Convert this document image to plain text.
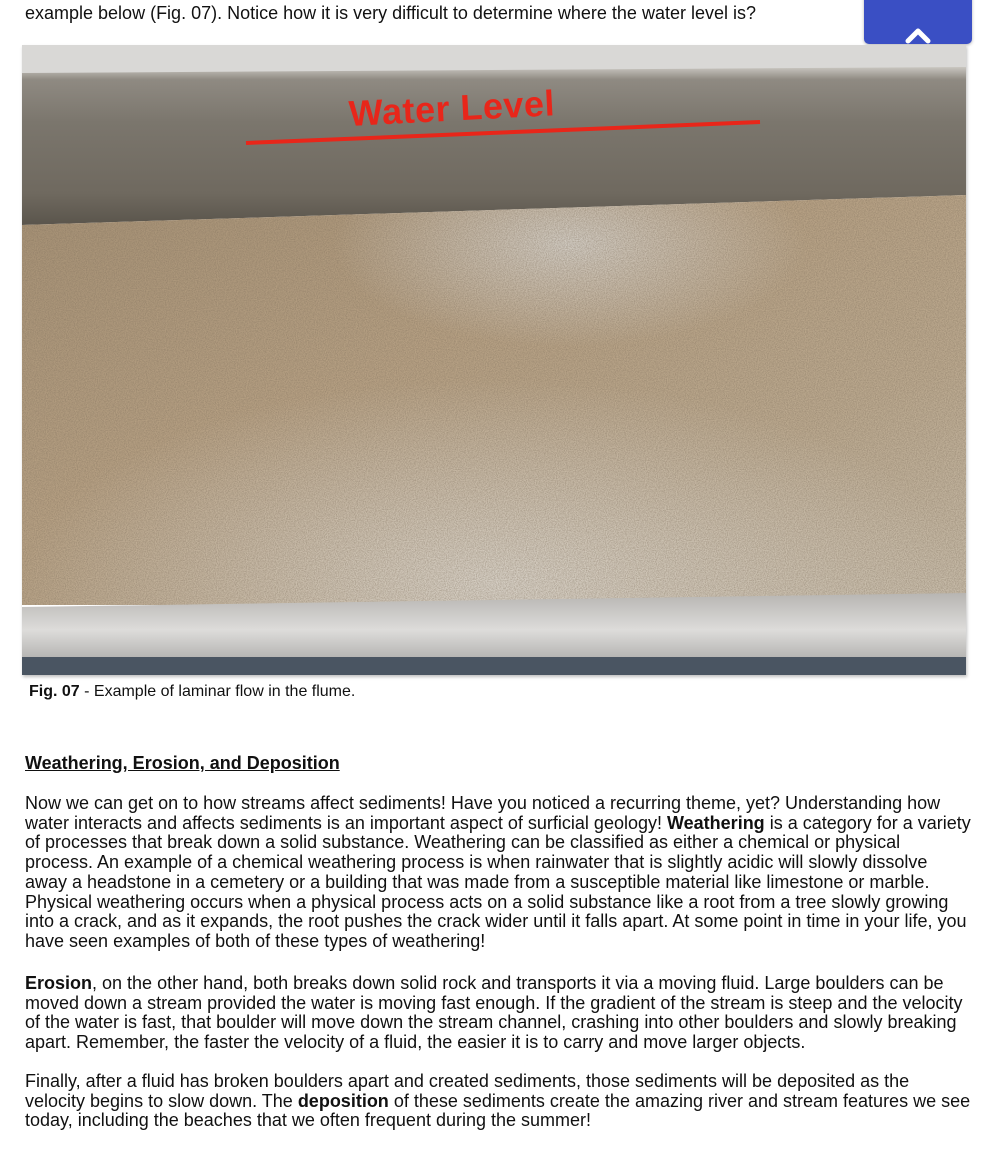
example below (Fig. 07). Notice how it is very difficult to determine where the water level is?

Water Level

Fig. 07 - Example of laminar flow in the flume.

Weathering, Erosion, and Deposition

Now we can get on to how streams affect sediments! Have you noticed a recurring theme, yet? Understanding how water interacts and affects sediments is an important aspect of surficial geology! Weathering is a category for a variety of processes that break down a solid substance. Weathering can be classified as either a chemical or physical process. An example of a chemical weathering process is when rainwater that is slightly acidic will slowly dissolve away a headstone in a cemetery or a building that was made from a susceptible material like limestone or marble. Physical weathering occurs when a physical process acts on a solid substance like a root from a tree slowly growing into a crack, and as it expands, the root pushes the crack wider until it falls apart. At some point in time in your life, you have seen examples of both of these types of weathering!

Erosion, on the other hand, both breaks down solid rock and transports it via a moving fluid. Large boulders can be moved down a stream provided the water is moving fast enough. If the gradient of the stream is steep and the velocity of the water is fast, that boulder will move down the stream channel, crashing into other boulders and slowly breaking apart. Remember, the faster the velocity of a fluid, the easier it is to carry and move larger objects.

Finally, after a fluid has broken boulders apart and created sediments, those sediments will be deposited as the velocity begins to slow down. The deposition of these sediments create the amazing river and stream features we see today, including the beaches that we often frequent during the summer!
